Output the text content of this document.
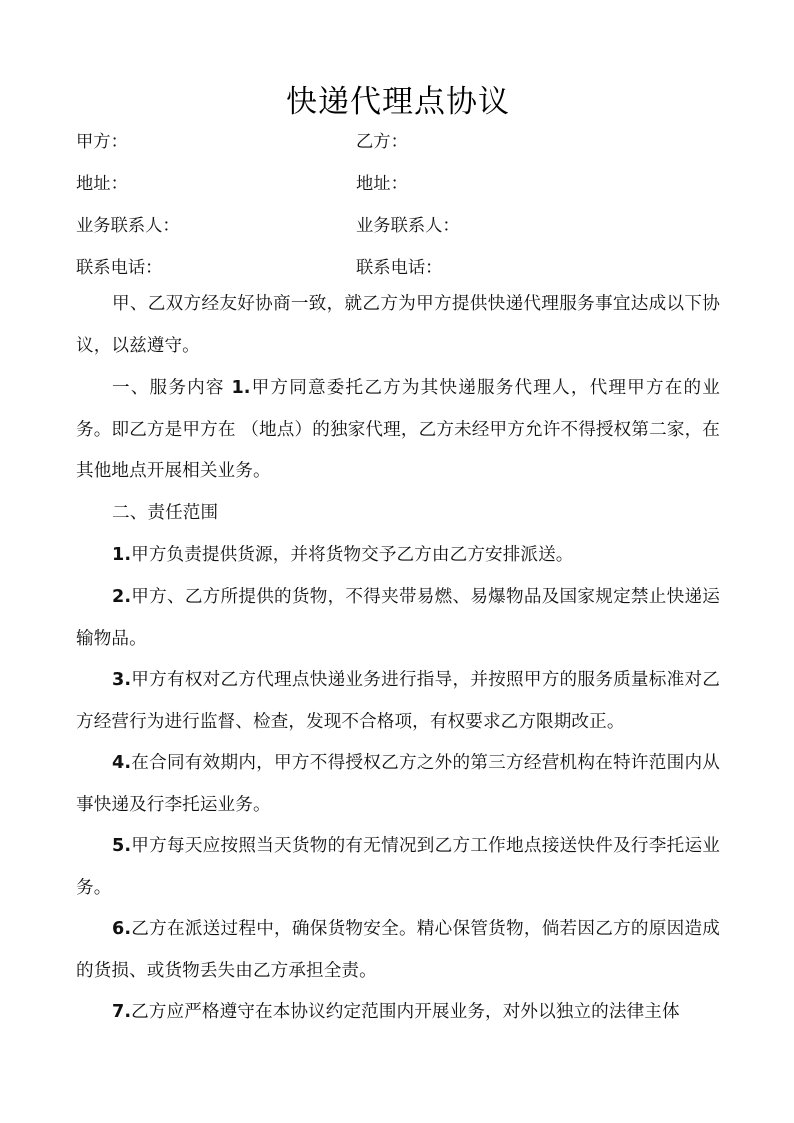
快递代理点协议
甲方：	乙方：
地址：	地址：
业务联系人：	业务联系人：
联系电话：	联系电话：
甲、乙双方经友好协商一致，就乙方为甲方提供快递代理服务事宜达成以下协议，以兹遵守。
一、服务内容 1.甲方同意委托乙方为其快递服务代理人，代理甲方在的业务。即乙方是甲方在 （地点）的独家代理，乙方未经甲方允许不得授权第二家，在其他地点开展相关业务。
二、责任范围
1.甲方负责提供货源，并将货物交予乙方由乙方安排派送。
2.甲方、乙方所提供的货物，不得夹带易燃、易爆物品及国家规定禁止快递运输物品。
3.甲方有权对乙方代理点快递业务进行指导，并按照甲方的服务质量标准对乙方经营行为进行监督、检查，发现不合格项，有权要求乙方限期改正。
4.在合同有效期内，甲方不得授权乙方之外的第三方经营机构在特许范围内从事快递及行李托运业务。
5.甲方每天应按照当天货物的有无情况到乙方工作地点接送快件及行李托运业务。
6.乙方在派送过程中，确保货物安全。精心保管货物，倘若因乙方的原因造成的货损、或货物丢失由乙方承担全责。
7.乙方应严格遵守在本协议约定范围内开展业务，对外以独立的法律主体
